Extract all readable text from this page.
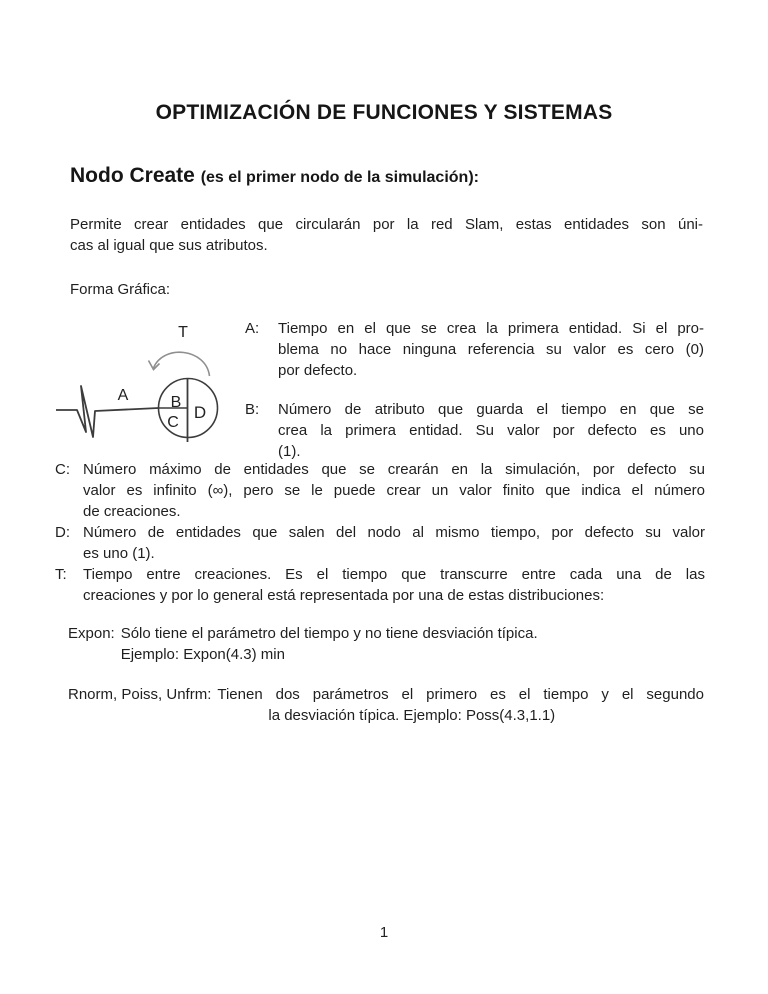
OPTIMIZACIÓN DE FUNCIONES Y SISTEMAS
Nodo Create (es el primer nodo de la simulación):
Permite crear entidades que circularán por la red Slam, estas entidades son úni-
cas al igual que sus atributos.
Forma Gráfica:
T
A	B
C
D
A:	Tiempo en el que se crea la primera entidad. Si el pro-
blema no hace ninguna referencia su valor es cero (0)
por defecto.
B:	Número de atributo que guarda el tiempo en que se
crea la primera entidad. Su valor por defecto es uno
(1).
C: Número máximo de entidades que se crearán en la simulación, por defecto su
valor es infinito (∞), pero se le puede crear un valor finito que indica el número
de creaciones.
D: Número de entidades que salen del nodo al mismo tiempo, por defecto su valor
es uno (1).
T:	Tiempo entre creaciones. Es el tiempo que transcurre entre cada una de las
creaciones y por lo general está representada por una de estas distribuciones:
Expon: Sólo tiene el parámetro del tiempo y no tiene desviación típica.
Ejemplo: Expon(4.3) min
Rnorm, Poiss, Unfrm: Tienen dos parámetros el primero es el tiempo y el segundo
la desviación típica. Ejemplo: Poss(4.3,1.1)
1
